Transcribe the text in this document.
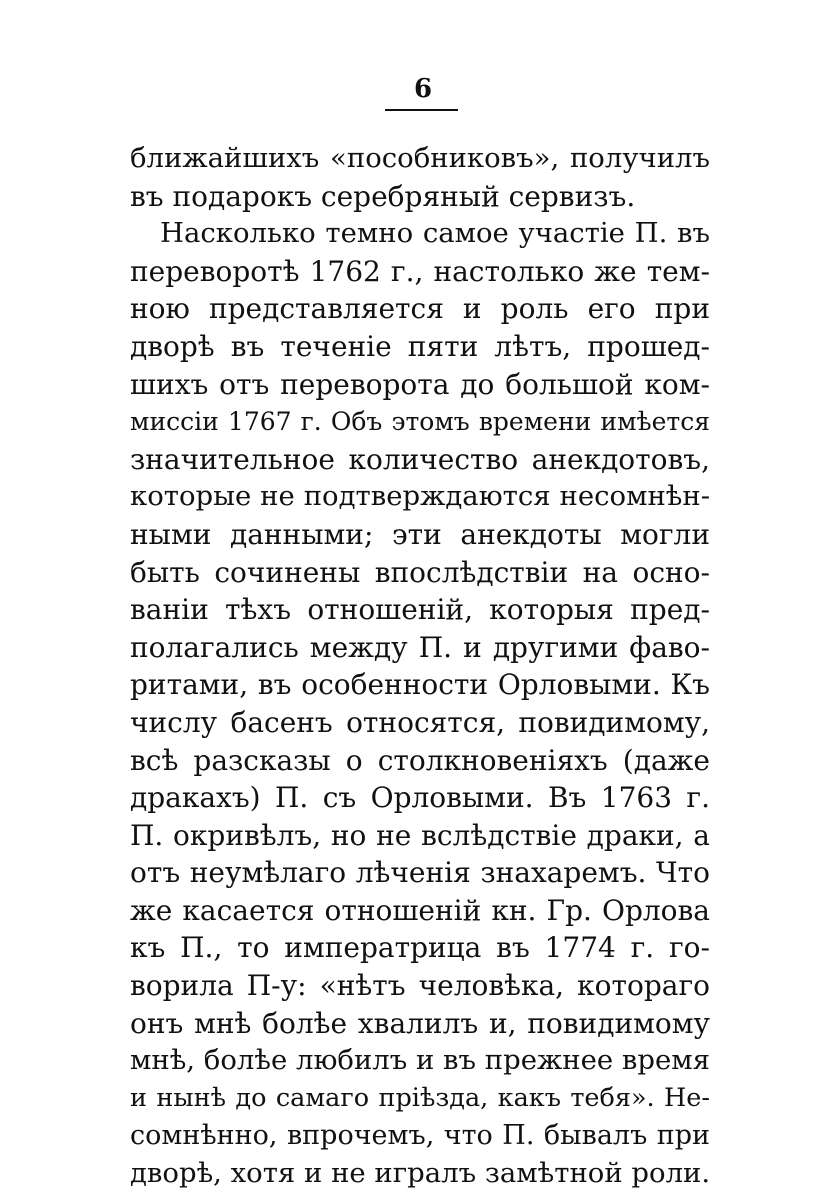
6
ближайшихъ «пособниковъ», получилъ
въ подарокъ серебряный сервизъ.
Насколько темно самое участіе П. въ
переворотѣ 1762 г., настолько же тем-
ною представляется и роль его при
дворѣ въ теченіе пяти лѣтъ, прошед-
шихъ отъ переворота до большой ком-
миссіи 1767 г. Объ этомъ времени имѣется
значительное количество анекдотовъ,
которые не подтверждаются несомнѣн-
ными данными; эти анекдоты могли
быть сочинены впослѣдствіи на осно-
ваніи тѣхъ отношеній, которыя пред-
полагались между П. и другими фаво-
ритами, въ особенности Орловыми. Къ
числу басенъ относятся, повидимому,
всѣ разсказы о столкновеніяхъ (даже
дракахъ) П. съ Орловыми. Въ 1763 г.
П. окривѣлъ, но не вслѣдствіе драки, а
отъ неумѣлаго лѣченія знахаремъ. Что
же касается отношеній кн. Гр. Орлова
къ П., то императрица въ 1774 г. го-
ворила П-у: «нѣтъ человѣка, котораго
онъ мнѣ болѣе хвалилъ и, повидимому
мнѣ, болѣе любилъ и въ прежнее время
и нынѣ до самаго пріѣзда, какъ тебя». Не-
сомнѣнно, впрочемъ, что П. бывалъ при
дворѣ, хотя и не игралъ замѣтной роли.
